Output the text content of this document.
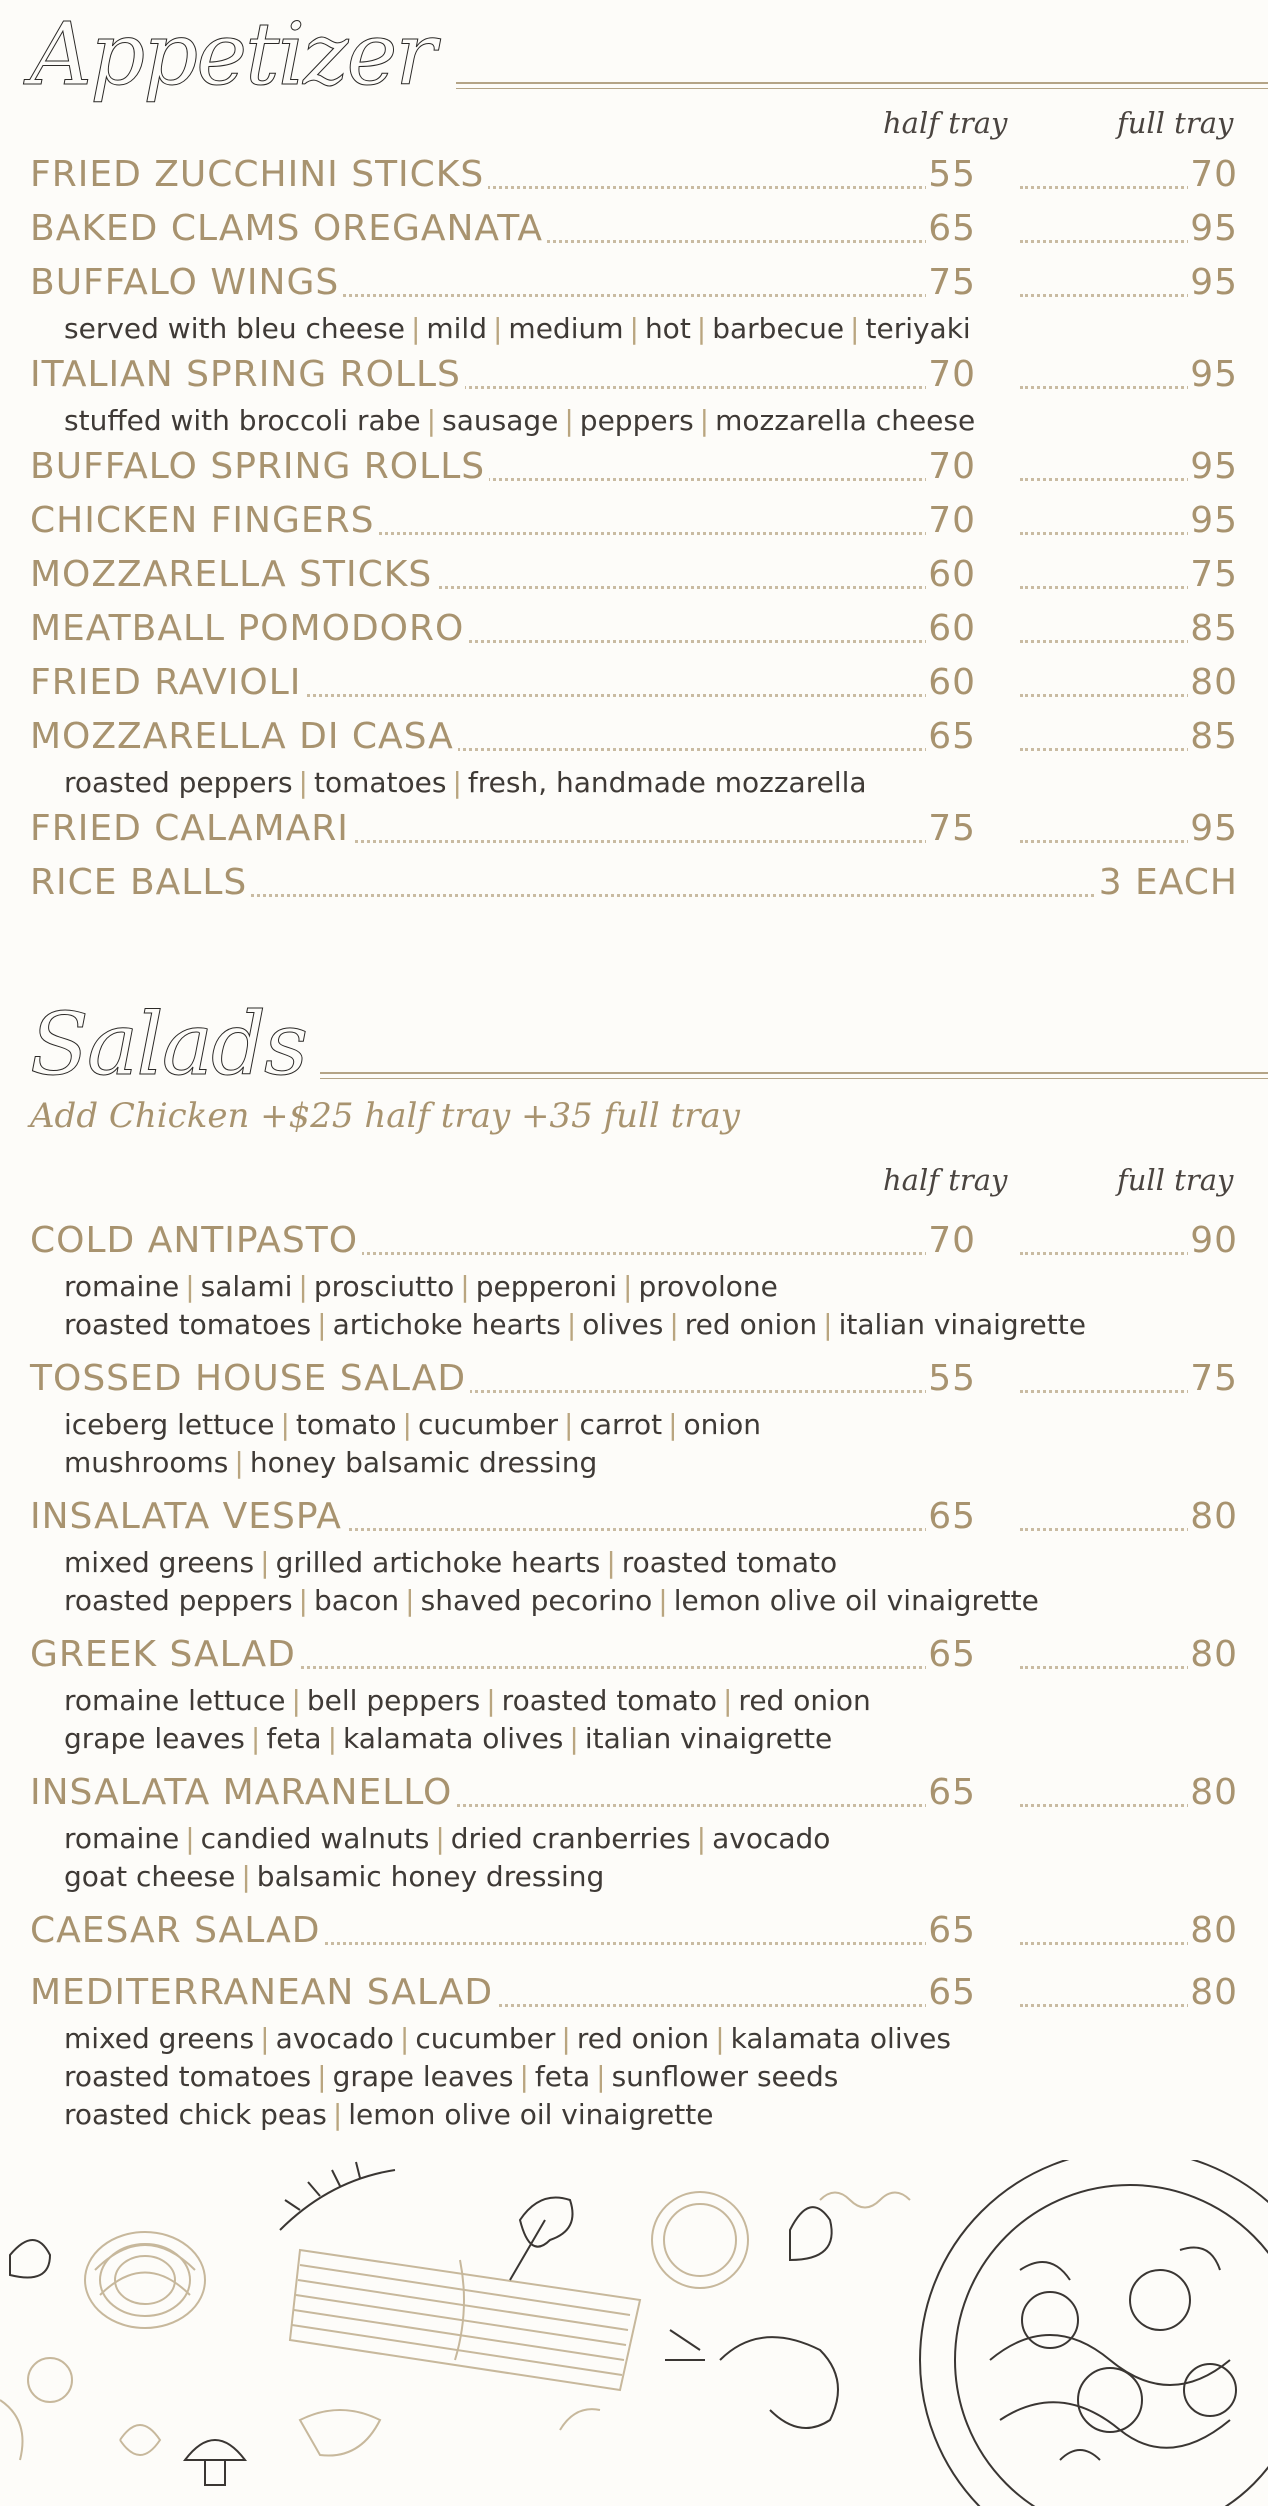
Appetizer
half tray	full tray
FRIED ZUCCHINI STICKS	55	70
BAKED CLAMS OREGANATA	65	95
BUFFALO WINGS	75	95
served with bleu cheese | mild | medium | hot | barbecue | teriyaki
ITALIAN SPRING ROLLS	70	95
stuffed with broccoli rabe | sausage | peppers | mozzarella cheese
BUFFALO SPRING ROLLS	70	95
CHICKEN FINGERS	70	95
MOZZARELLA STICKS	60	75
MEATBALL POMODORO	60	85
FRIED RAVIOLI	60	80
MOZZARELLA DI CASA	65	85
roasted peppers | tomatoes | fresh, handmade mozzarella
FRIED CALAMARI	75	95
RICE BALLS	3 EACH
Salads
Add Chicken +$25 half tray +35 full tray
half tray	full tray
COLD ANTIPASTO	70	90
romaine | salami | prosciutto | pepperoni | provolone
roasted tomatoes | artichoke hearts | olives | red onion | italian vinaigrette
TOSSED HOUSE SALAD	55	75
iceberg lettuce | tomato | cucumber | carrot | onion
mushrooms | honey balsamic dressing
INSALATA VESPA	65	80
mixed greens | grilled artichoke hearts | roasted tomato
roasted peppers | bacon | shaved pecorino | lemon olive oil vinaigrette
GREEK SALAD	65	80
romaine lettuce | bell peppers | roasted tomato | red onion
grape leaves | feta | kalamata olives | italian vinaigrette
INSALATA MARANELLO	65	80
romaine | candied walnuts | dried cranberries | avocado
goat cheese | balsamic honey dressing
CAESAR SALAD	65	80
MEDITERRANEAN SALAD	65	80
mixed greens | avocado | cucumber | red onion | kalamata olives
roasted tomatoes | grape leaves | feta | sunflower seeds
roasted chick peas | lemon olive oil vinaigrette
